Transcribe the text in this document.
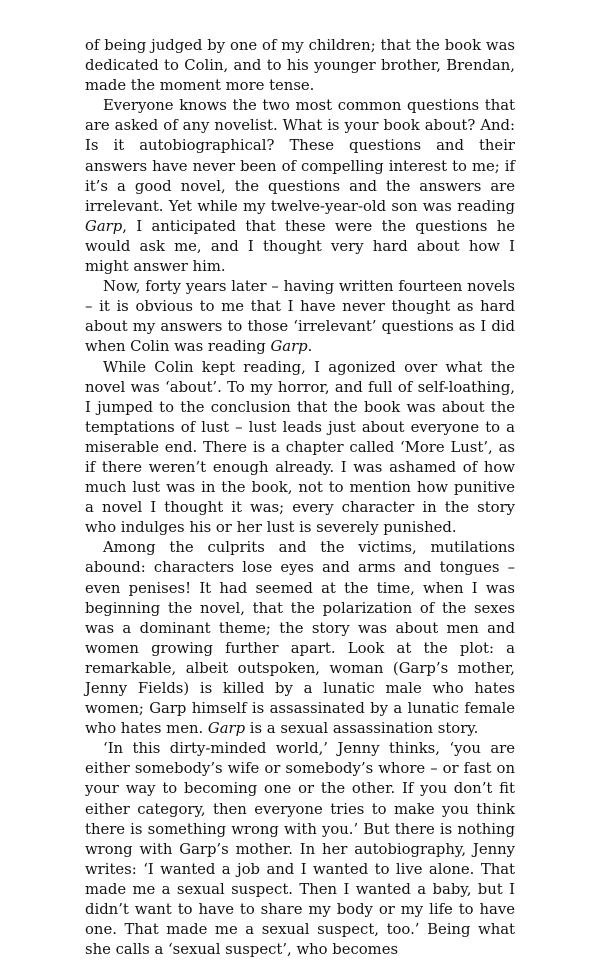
of being judged by one of my children; that the book was dedicated to Colin, and to his younger brother, Brendan, made the moment more tense.

Everyone knows the two most common questions that are asked of any novelist. What is your book about? And: Is it autobiographical? These questions and their answers have never been of compelling interest to me; if it’s a good novel, the questions and the answers are irrelevant. Yet while my twelve-year-old son was reading Garp, I anticipated that these were the questions he would ask me, and I thought very hard about how I might answer him.

Now, forty years later – having written fourteen novels – it is obvious to me that I have never thought as hard about my answers to those ‘irrelevant’ questions as I did when Colin was reading Garp.

While Colin kept reading, I agonized over what the novel was ‘about’. To my horror, and full of self-loathing, I jumped to the conclusion that the book was about the temptations of lust – lust leads just about everyone to a miserable end. There is a chapter called ‘More Lust’, as if there weren’t enough already. I was ashamed of how much lust was in the book, not to mention how punitive a novel I thought it was; every character in the story who indulges his or her lust is severely punished.

Among the culprits and the victims, mutilations abound: characters lose eyes and arms and tongues – even penises! It had seemed at the time, when I was beginning the novel, that the polarization of the sexes was a dominant theme; the story was about men and women growing further apart. Look at the plot: a remarkable, albeit outspoken, woman (Garp’s mother, Jenny Fields) is killed by a lunatic male who hates women; Garp himself is assassinated by a lunatic female who hates men. Garp is a sexual assassination story.

‘In this dirty-minded world,’ Jenny thinks, ‘you are either somebody’s wife or somebody’s whore – or fast on your way to becoming one or the other. If you don’t fit either category, then everyone tries to make you think there is something wrong with you.’ But there is nothing wrong with Garp’s mother. In her autobiography, Jenny writes: ‘I wanted a job and I wanted to live alone. That made me a sexual suspect. Then I wanted a baby, but I didn’t want to have to share my body or my life to have one. That made me a sexual suspect, too.’ Being what she calls a ‘sexual suspect’, who becomes
